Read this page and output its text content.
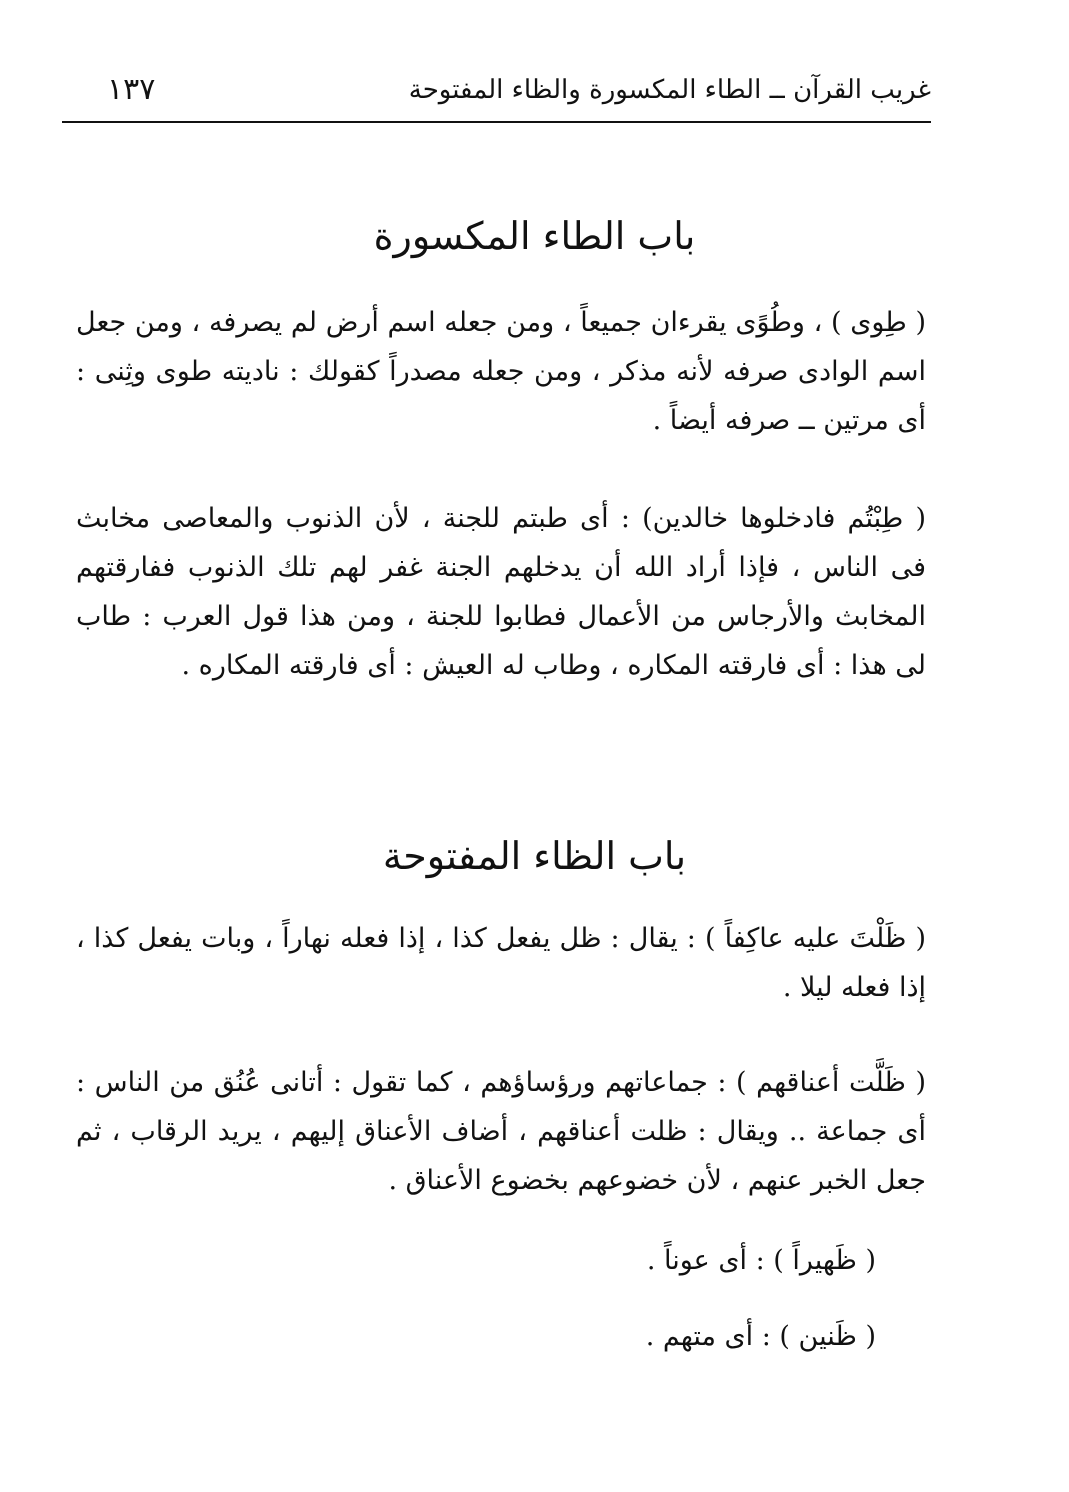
غريب القرآن ــ الطاء المكسورة والظاء المفتوحة
١٣٧
باب الطاء المكسورة

( طِوى ) ، وطُوًى يقرءان جميعاً ، ومن جعله اسم أرض لم يصرفه ، ومن جعل اسم الوادى صرفه لأنه مذكر ، ومن جعله مصدراً كقولك : ناديته طوى وثِنى : أى مرتين ــ صرفه أيضاً .

( طِبْتُم فادخلوها خالدين) : أى طبتم للجنة ، لأن الذنوب والمعاصى مخابث فى الناس ، فإذا أراد الله أن يدخلهم الجنة غفر لهم تلك الذنوب ففارقتهم المخابث والأرجاس من الأعمال فطابوا للجنة ، ومن هذا قول العرب : طاب لى هذا : أى فارقته المكاره ، وطاب له العيش : أى فارقته المكاره .

باب الظاء المفتوحة

( ظَلْتَ عليه عاكِفاً ) : يقال : ظل يفعل كذا ، إذا فعله نهاراً ، وبات يفعل كذا ، إذا فعله ليلا .

( ظَلَّت أعناقهم ) : جماعاتهم ورؤساؤهم ، كما تقول : أتانى عُنُق من الناس : أى جماعة .. ويقال : ظلت أعناقهم ، أضاف الأعناق إليهم ، يريد الرقاب ، ثم جعل الخبر عنهم ، لأن خضوعهم بخضوع الأعناق .

( ظَهيراً ) : أى عوناً .

( ظَنين ) : أى متهم .
